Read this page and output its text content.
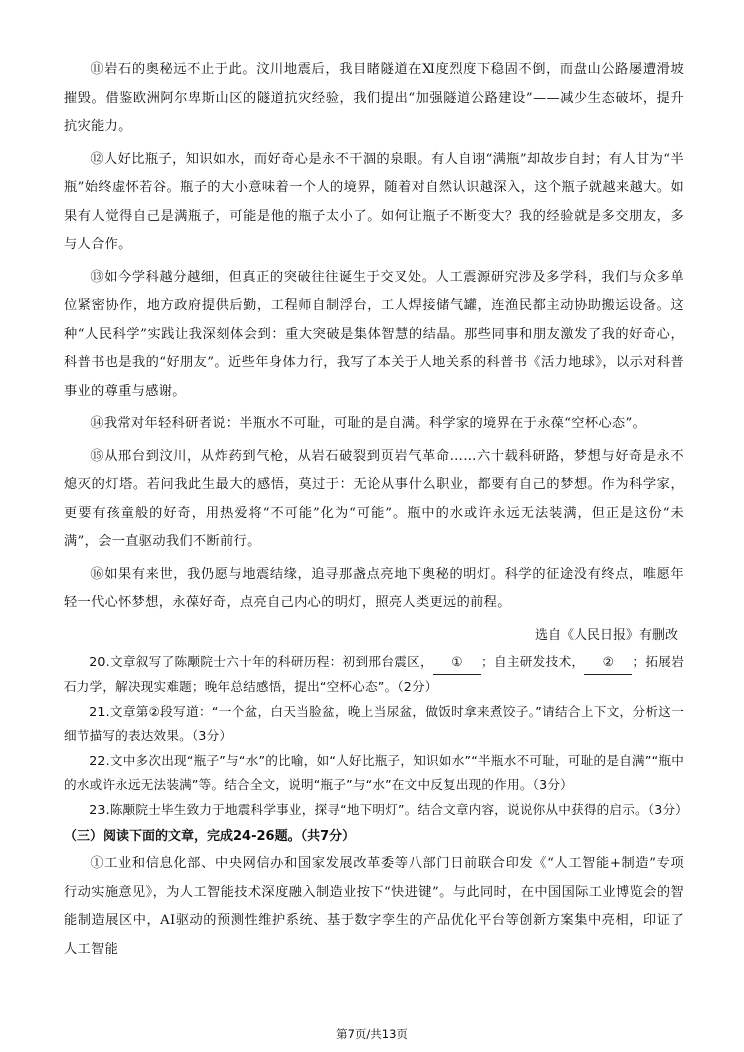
⑪岩石的奥秘远不止于此。汶川地震后，我目睹隧道在Ⅺ度烈度下稳固不倒，而盘山公路屡遭滑坡摧毁。借鉴欧洲阿尔卑斯山区的隧道抗灾经验，我们提出“加强隧道公路建设”——减少生态破坏，提升抗灾能力。

⑫人好比瓶子，知识如水，而好奇心是永不干涸的泉眼。有人自诩“满瓶”却故步自封；有人甘为“半瓶”始终虚怀若谷。瓶子的大小意味着一个人的境界，随着对自然认识越深入，这个瓶子就越来越大。如果有人觉得自己是满瓶子，可能是他的瓶子太小了。如何让瓶子不断变大？我的经验就是多交朋友，多与人合作。

⑬如今学科越分越细，但真正的突破往往诞生于交叉处。人工震源研究涉及多学科，我们与众多单位紧密协作，地方政府提供后勤，工程师自制浮台，工人焊接储气罐，连渔民都主动协助搬运设备。这种“人民科学”实践让我深刻体会到：重大突破是集体智慧的结晶。那些同事和朋友激发了我的好奇心，科普书也是我的“好朋友”。近些年身体力行，我写了本关于人地关系的科普书《活力地球》，以示对科普事业的尊重与感谢。

⑭我常对年轻科研者说：半瓶水不可耻，可耻的是自满。科学家的境界在于永葆“空杯心态”。

⑮从邢台到汶川，从炸药到气枪，从岩石破裂到页岩气革命……六十载科研路，梦想与好奇是永不熄灭的灯塔。若问我此生最大的感悟，莫过于：无论从事什么职业，都要有自己的梦想。作为科学家，更要有孩童般的好奇，用热爱将“不可能”化为“可能”。瓶中的水或许永远无法装满，但正是这份“未满”，会一直驱动我们不断前行。

⑯如果有来世，我仍愿与地震结缘，追寻那盏点亮地下奥秘的明灯。科学的征途没有终点，唯愿年轻一代心怀梦想，永葆好奇，点亮自己内心的明灯，照亮人类更远的前程。

选自《人民日报》有删改

20.文章叙写了陈颙院士六十年的科研历程：初到邢台震区， ① ；自主研发技术， ② ；拓展岩石力学，解决现实难题；晚年总结感悟，提出“空杯心态”。（2分）

21.文章第②段写道：“一个盆，白天当脸盆，晚上当尿盆，做饭时拿来煮饺子。”请结合上下文，分析这一细节描写的表达效果。（3分）

22.文中多次出现“瓶子”与“水”的比喻，如“人好比瓶子，知识如水”“半瓶水不可耻，可耻的是自满”“瓶中的水或许永远无法装满”等。结合全文，说明“瓶子”与“水”在文中反复出现的作用。（3分）

23.陈颙院士毕生致力于地震科学事业，探寻“地下明灯”。结合文章内容，说说你从中获得的启示。（3分）

（三）阅读下面的文章，完成24-26题。（共7分）

①工业和信息化部、中央网信办和国家发展改革委等八部门日前联合印发《“人工智能+制造”专项行动实施意见》，为人工智能技术深度融入制造业按下“快进键”。与此同时，在中国国际工业博览会的智能制造展区中，AI驱动的预测性维护系统、基于数字孪生的产品优化平台等创新方案集中亮相，印证了人工智能

第7页/共13页
